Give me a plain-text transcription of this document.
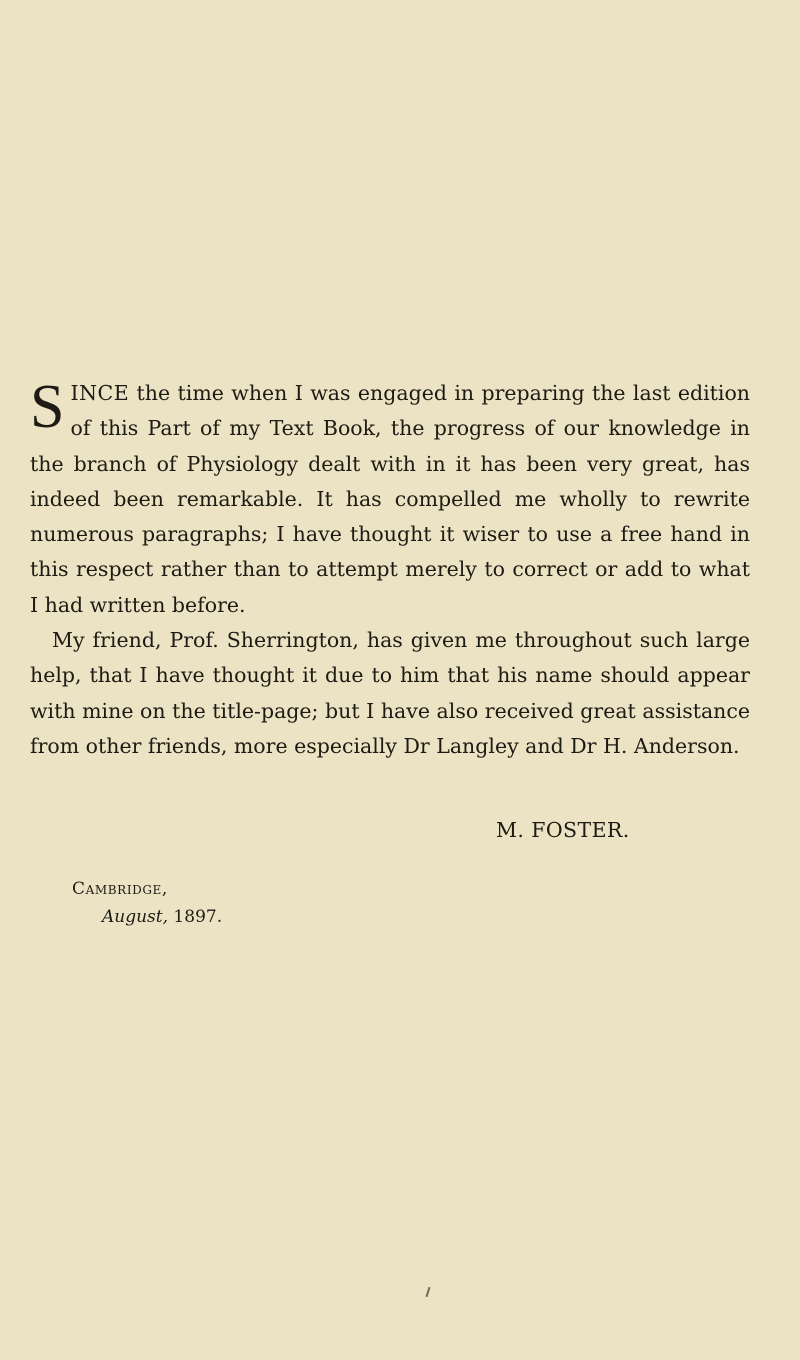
SINCE the time when I was engaged in preparing the last edition of this Part of my Text Book, the progress of our knowledge in the branch of Physiology dealt with in it has been very great, has indeed been remarkable. It has compelled me wholly to rewrite numerous paragraphs; I have thought it wiser to use a free hand in this respect rather than to attempt merely to correct or add to what I had written before.

My friend, Prof. Sherrington, has given me throughout such large help, that I have thought it due to him that his name should appear with mine on the title-page; but I have also received great assistance from other friends, more especially Dr Langley and Dr H. Anderson.

M. FOSTER.
Cambridge,
August, 1897.
